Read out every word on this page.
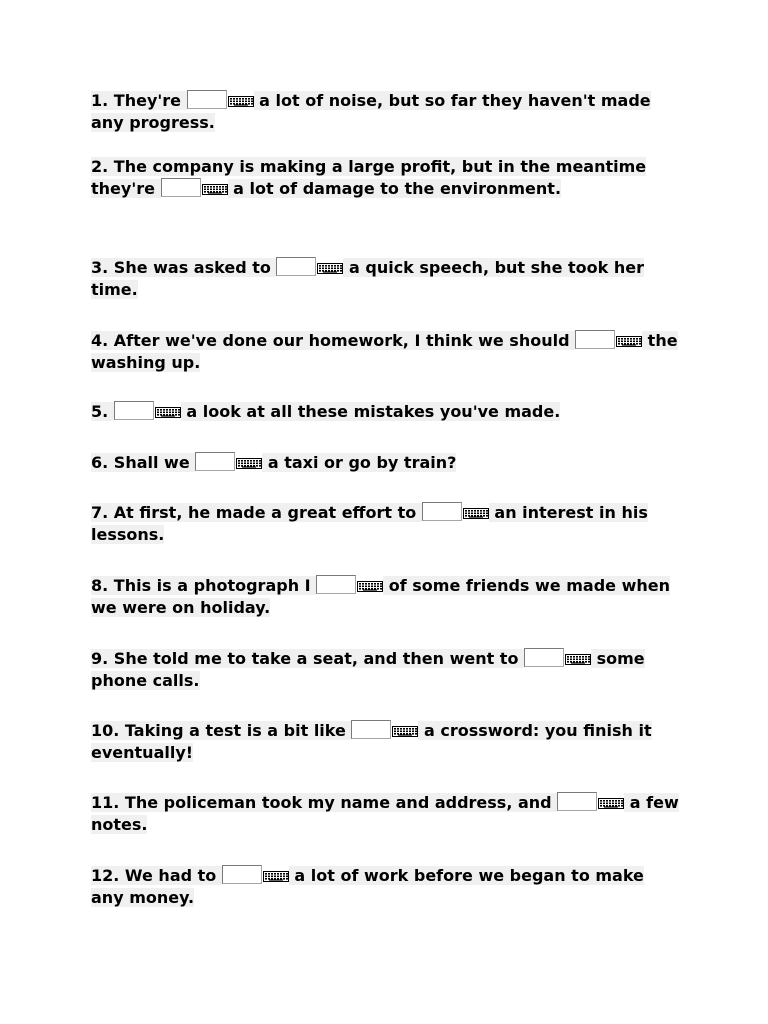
1. They're	a lot of noise, but so far they haven't made any progress.

2. The company is making a large profit, but in the meantime they're	a lot of damage to the environment.

3. She was asked to	a quick speech, but she took her time.

4. After we've done our homework, I think we should	the washing up.

5.	a look at all these mistakes you've made.

6. Shall we	a taxi or go by train?

7. At first, he made a great effort to	an interest in his lessons.

8. This is a photograph I	of some friends we made when we were on holiday.

9. She told me to take a seat, and then went to	some phone calls.

10. Taking a test is a bit like	a crossword: you finish it eventually!

11. The policeman took my name and address, and	a few notes.

12. We had to	a lot of work before we began to make any money.
